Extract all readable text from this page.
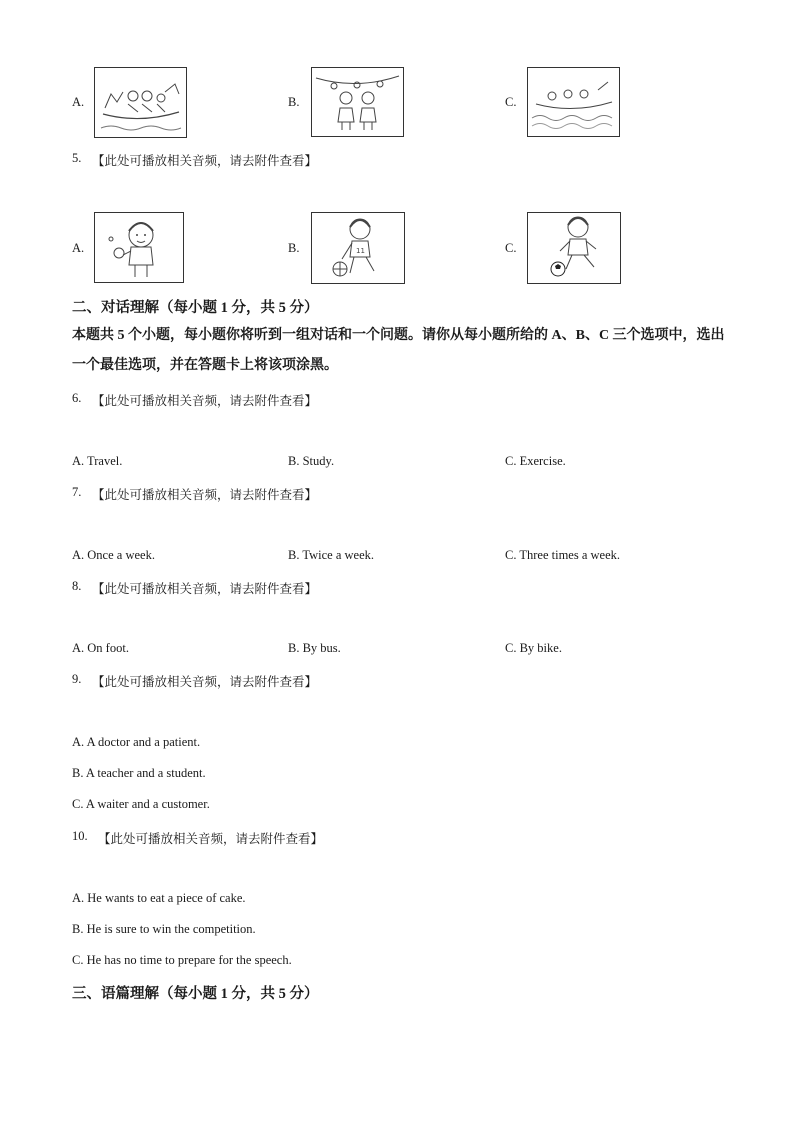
A.	B.	C.
5. 【此处可播放相关音频，请去附件查看】
A.	B.	11	C.
二、对话理解（每小题 1 分，共 5 分）
本题共 5 个小题，每小题你将听到一组对话和一个问题。请你从每小题所给的 A、B、C 三个选项中，选出一个最佳选项，并在答题卡上将该项涂黑。
6. 【此处可播放相关音频，请去附件查看】
A. Travel.	B. Study.	C. Exercise.
7. 【此处可播放相关音频，请去附件查看】
A. Once a week.	B. Twice a week.	C. Three times a week.
8. 【此处可播放相关音频，请去附件查看】
A. On foot.	B. By bus.	C. By bike.
9. 【此处可播放相关音频，请去附件查看】
A. A doctor and a patient.
B. A teacher and a student.
C. A waiter and a customer.
10. 【此处可播放相关音频，请去附件查看】
A. He wants to eat a piece of cake.
B. He is sure to win the competition.
C. He has no time to prepare for the speech.
三、语篇理解（每小题 1 分，共 5 分）
